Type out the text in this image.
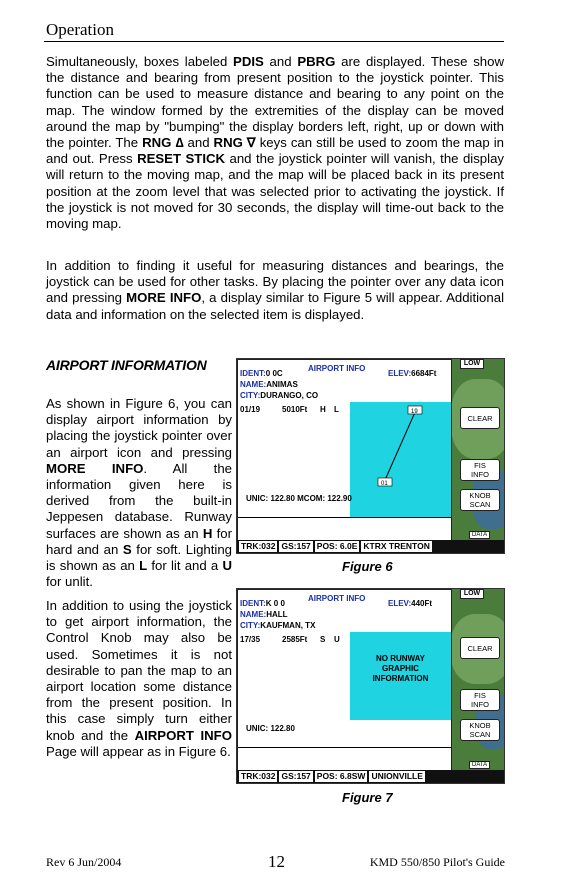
Operation
Simultaneously, boxes labeled PDIS and PBRG are displayed. These show the distance and bearing from present position to the joystick pointer. This function can be used to measure distance and bearing to any point on the map. The window formed by the extremities of the display can be moved around the map by "bumping" the display borders left, right, up or down with the pointer. The RNG ∆ and RNG ∇ keys can still be used to zoom the map in and out. Press RESET STICK and the joystick pointer will vanish, the display will return to the moving map, and the map will be placed back in its present position at the zoom level that was selected prior to activating the joystick. If the joystick is not moved for 30 seconds, the display will time-out back to the moving map.
In addition to finding it useful for measuring distances and bearings, the joystick can be used for other tasks. By placing the pointer over any data icon and pressing MORE INFO, a display similar to Figure 5 will appear. Additional data and information on the selected item is displayed.
AIRPORT INFORMATION
As shown in Figure 6, you can display airport information by placing the joystick pointer over an airport icon and pressing MORE INFO. All the information given here is derived from the built-in Jeppesen database. Runway surfaces are shown as an H for hard and an S for soft. Lighting is shown as an L for lit and a U for unlit.
In addition to using the joystick to get airport information, the Control Knob may also be used. Sometimes it is not desirable to pan the map to an airport location some distance from the present position. In this case simply turn either knob and the AIRPORT INFO Page will appear as in Figure 6.
AIRPORT INFO
IDENT:0 0C
NAME:ANIMAS
CITY:DURANGO, CO
ELEV:6684Ft
01/19	5010Ft H L	19
01
UNIC: 122.80 MCOM: 122.90
LOW
CLEAR
FIS
INFO
KNOB
SCAN
DATA
TRK:032 GS:157 POS: 6.0E KTRX TRENTON
Figure 6
AIRPORT INFO
IDENT:K 0 0
NAME:HALL
CITY:KAUFMAN, TX
ELEV:440Ft
17/35	2585Ft S U
NO RUNWAY
GRAPHIC
INFORMATION
UNIC: 122.80
LOW
CLEAR
FIS
INFO
KNOB
SCAN
DATA
TRK:032 GS:157 POS: 6.8SW UNIONVILLE
Figure 7
Rev 6 Jun/2004	12	KMD 550/850 Pilot's Guide
